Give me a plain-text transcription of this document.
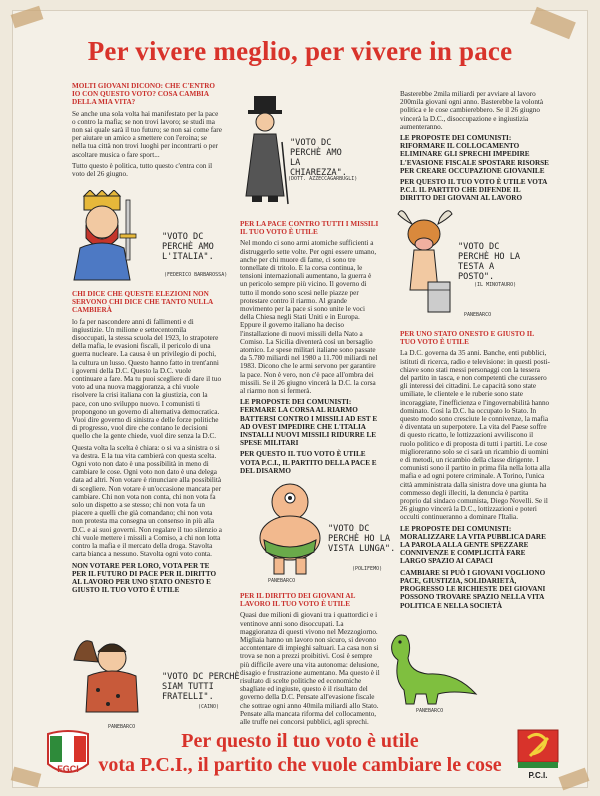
Per vivere meglio, per vivere in pace

MOLTI GIOVANI DICONO: CHE C'ENTRO IO CON QUESTO VOTO? COSA CAMBIA DELLA MIA VITA?

Se anche una sola volta hai manifestato per la pace o contro la mafia; se non trovi lavoro; se studi ma non sai quale sarà il tuo futuro; se non sai come fare per aiutare un amico a smettere con l'eroina; se nella tua città non trovi luoghi per incontrarti o per ascoltare musica o fare sport...

Tutto questo è politica, tutto questo c'entra con il voto del 26 giugno.

"VOTO DC PERCHÈ AMO L'ITALIA".
(FEDERICO BARBAROSSA)

CHI DICE CHE QUESTE ELEZIONI NON SERVONO CHI DICE CHE TANTO NULLA CAMBIERÀ

lo fa per nascondere anni di fallimenti e di ingiustizie. Un milione e settecentomila disoccupati, la stessa scuola del 1923, lo strapotere della mafia, le evasioni fiscali, il pericolo di una guerra nucleare. La causa è un privilegio di pochi, la cultura un lusso. Questo hanno fatto in trent'anni i governi della D.C. Questo la D.C. vuole continuare a fare. Ma tu puoi scegliere di dare il tuo voto ad una nuova maggioranza, a chi vuole risolvere la crisi italiana con la giustizia, con la pace, con uno sviluppo nuovo. I comunisti ti propongono un governo di alternativa democratica. Vuoi dire governo di sinistra e delle forze politiche di progresso, vuol dire che contano le decisioni quello che la gente chiede, vuol dire senza la D.C.

Questa volta la scelta è chiara: o si va a sinistra o si va destra. E la tua vita cambierà con questa scelta. Ogni voto non dato è una possibilità in meno di cambiare le cose. Ogni voto non dato è una delega data ad altri. Non votare è rinunciare alla possibilità di scegliere. Non votare è un'occasione mancata per cambiare. Chi non vota non conta, chi non vota fa solo un dispetto a se stesso; chi non vota fa un piacere a quelli che già comandano; chi non vota non protesta ma consegna un consenso in più alla D.C. e ai suoi governi. Non regalare il tuo silenzio a chi vuole mettere i missili a Comiso, a chi non lotta contro la mafia e il mercato della droga. Stavolta carta bianca a nessuno. Stavolta ogni voto conta.

NON VOTARE PER LORO, VOTA PER TE PER IL FUTURO DI PACE PER IL DIRITTO AL LAVORO PER UNO STATO ONESTO E GIUSTO IL TUO VOTO È UTILE

"VOTO DC PERCHÈ SIAM TUTTI FRATELLI".
(CAINO)
PANEBARCO
"VOTO DC PERCHÈ AMO LA CHIAREZZA".
(DOTT. AZZECCAGARBUGLI)

PER LA PACE CONTRO TUTTI I MISSILI IL TUO VOTO È UTILE

Nel mondo ci sono armi atomiche sufficienti a distruggerlo sette volte. Per ogni essere umano, anche per chi muore di fame, ci sono tre tonnellate di tritolo. E la corsa continua, le tensioni internazionali aumentano, la guerra è un pericolo sempre più vicino. Il governo di tutto il mondo sono scesi nelle piazze per protestare contro il riarmo. Al grande movimento per la pace si sono unite le voci della Chiesa negli Stati Uniti e in Europa. Eppure il governo italiano ha deciso l'installazione di nuovi missili della Nato a Comiso. La Sicilia diventerà così un bersaglio atomico. Le spese militari italiane sono passate da 5.780 miliardi nel 1980 a 11.700 miliardi nel 1983. Dicono che le armi servono per garantire la pace. Non è vero, non c'è pace all'ombra dei missili. Se il 26 giugno vincerà la D.C. la corsa al riarmo non si fermerà.

LE PROPOSTE DEI COMUNISTI: FERMARE LA CORSA AL RIARMO BATTERSI CONTRO I MISSILI AD EST E AD OVEST IMPEDIRE CHE L'ITALIA INSTALLI NUOVI MISSILI RIDURRE LE SPESE MILITARI

PER QUESTO IL TUO VOTO È UTILE VOTA P.C.I., IL PARTITO DELLA PACE E DEL DISARMO

"VOTO DC PERCHÈ HO LA VISTA LUNGA".
(POLIFEMO)
PANEBARCO

PER IL DIRITTO DEI GIOVANI AL LAVORO IL TUO VOTO È UTILE

Quasi due milioni di giovani tra i quattordici e i ventinove anni sono disoccupati. La maggioranza di questi vivono nel Mezzogiorno. Migliaia hanno un lavoro non sicuro, si devono accontentare di impieghi saltuari. La casa non si trova se non a prezzi proibitivi. Così è sempre più difficile avere una vita autonoma: delusione, disagio e frustrazione aumentano. Ma questo è il risultato di scelte politiche ed economiche sbagliate ed ingiuste, questo è il risultato del governo della D.C. Pensate all'evasione fiscale che sottrae ogni anno 40mila miliardi allo Stato. Pensate alla mancata riforma del collocamento, alle truffe nei concorsi pubblici, agli sprechi.

Basterebbe 2mila miliardi per avviare al lavoro 200mila giovani ogni anno. Basterebbe la volontà politica e le cose cambierebbero. Se il 26 giugno vincerà la D.C., disoccupazione e ingiustizia aumenteranno.

LE PROPOSTE DEI COMUNISTI: RIFORMARE IL COLLOCAMENTO ELIMINARE GLI SPRECHI IMPEDIRE L'EVASIONE FISCALE SPOSTARE RISORSE PER CREARE OCCUPAZIONE GIOVANILE

PER QUESTO IL TUO VOTO È UTILE VOTA P.C.I. IL PARTITO CHE DIFENDE IL DIRITTO DEI GIOVANI AL LAVORO

"VOTO DC PERCHÈ HO LA TESTA A POSTO".
(IL MINOTAURO)
PANEBARCO

PER UNO STATO ONESTO E GIUSTO IL TUO VOTO È UTILE

La D.C. governa da 35 anni. Banche, enti pubblici, istituti di ricerca, radio e televisione: in questi posti-chiave sono stati messi personaggi con la tessera del partito in tasca, e non competenti che curassero gli interessi dei cittadini. Le capacità sono state umiliate, le clientele e le ruberie sono state incoraggiate, l'inefficienza e l'ingovernabilità hanno dominato. Così la D.C. ha occupato lo Stato. In questo modo sono cresciute le connivenze, la mafia è diventata un superpotere. La vita del Paese soffre di questo ricatto, le lottizzazioni avviliscono il ruolo politico e di proposta di tutti i partiti. Le cose miglioreranno solo se ci sarà un ricambio di uomini e di metodi, un ricambio della classe dirigente. I comunisti sono il partito in prima fila nella lotta alla mafia e ad ogni potere criminale. A Torino, l'unica città amministrata dalla sinistra dove una giunta ha commesso degli illeciti, la denuncia è partita proprio dal sindaco comunista, Diego Novelli. Se il 26 giugno vincerà la D.C., lottizzazioni e poteri occulti continueranno a dominare l'Italia.

LE PROPOSTE DEI COMUNISTI: MORALIZZARE LA VITA PUBBLICA DARE LA PAROLA ALLA GENTE SPEZZARE CONNIVENZE E COMPLICITÀ FARE LARGO SPAZIO AI CAPACI

CAMBIARE SI PUÒ I GIOVANI VOGLIONO PACE, GIUSTIZIA, SOLIDARIETÀ, PROGRESSO LE RICHIESTE DEI GIOVANI POSSONO TROVARE SPAZIO NELLA VITA POLITICA E NELLA SOCIETÀ

PANEBARCO
FGCI
P.C.I.
Per questo il tuo voto è utile
vota P.C.I., il partito che vuole cambiare le cose
